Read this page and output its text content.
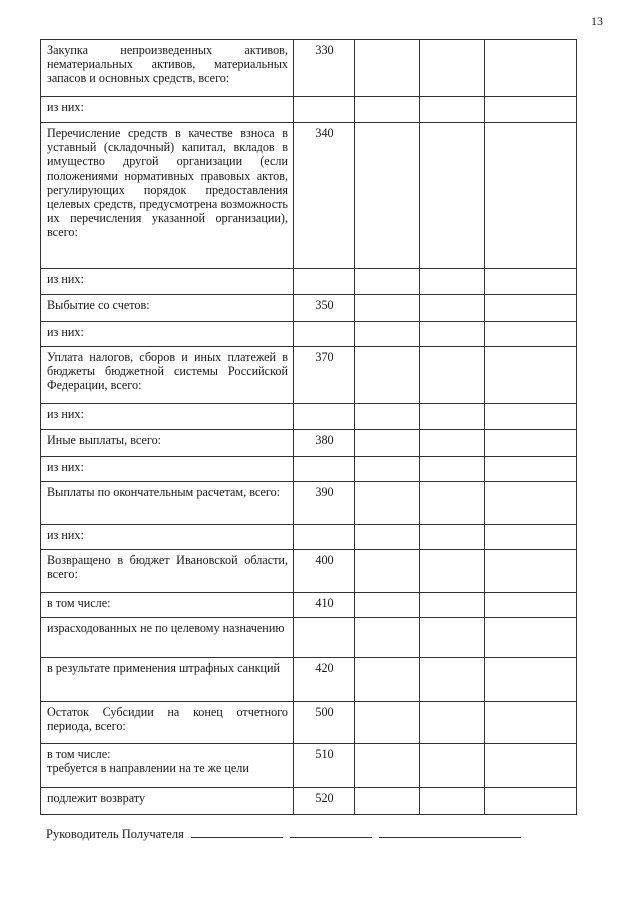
13
Закупка непроизведенных активов, нематериальных активов, материальных запасов и основных средств, всего:	330			
из них:				
Перечисление средств в качестве взноса в уставный (складочный) капитал, вкладов в имущество другой организации (если положениями нормативных правовых актов, регулирующих порядок предоставления целевых средств, предусмотрена возможность их перечисления указанной организации), всего:	340			
из них:				
Выбытие со счетов:	350			
из них:				
Уплата налогов, сборов и иных платежей в бюджеты бюджетной системы Российской Федерации, всего:	370			
из них:				
Иные выплаты, всего:	380			
из них:				
Выплаты по окончательным расчетам, всего:	390			
из них:				
Возвращено в бюджет Ивановской области, всего:	400			
в том числе:	410			
израсходованных не по целевому назначению				
в результате применения штрафных санкций	420			
Остаток Субсидии на конец отчетного периода, всего:	500			

в том числе:
требуется в направлении на те же цели	510			
подлежит возврату	520			
Руководитель Получателя
